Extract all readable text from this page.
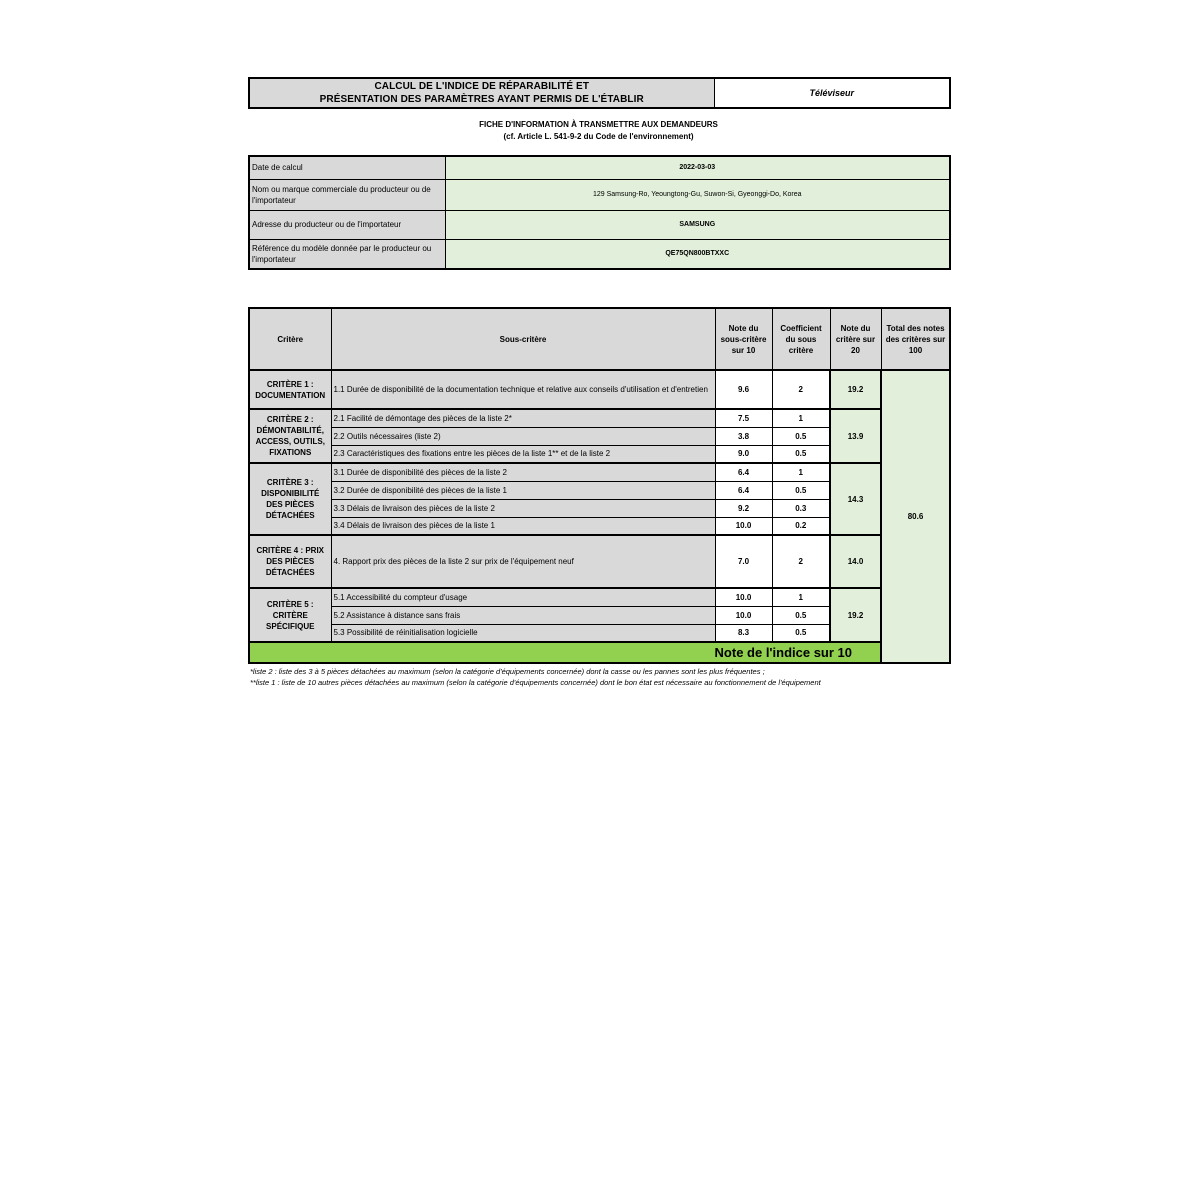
CALCUL DE L'INDICE DE RÉPARABILITÉ ET
PRÉSENTATION DES PARAMÈTRES AYANT PERMIS DE L'ÉTABLIR
	Téléviseur
FICHE D'INFORMATION À TRANSMETTRE AUX DEMANDEURS
(cf. Article L. 541-9-2 du Code de l'environnement)
Date de calcul	2022-03-03
Nom ou marque commerciale du producteur ou de l'importateur	129 Samsung-Ro, Yeoungtong-Gu, Suwon-Si, Gyeonggi-Do, Korea
Adresse du producteur ou de l'importateur	SAMSUNG
Référence du modèle donnée par le producteur ou l'importateur	QE75QN800BTXXC
Critère	Sous-critère	Note du sous-critère sur 10	Coefficient du sous critère	Note du critère sur 20	Total des notes des critères sur 100	
CRITÈRE 1 : DOCUMENTATION	1.1 Durée de disponibilité de la documentation technique et relative aux conseils d'utilisation et d'entretien	9.6	2	19.2	80.6	
CRITÈRE 2 : DÉMONTABILITÉ, ACCESS, OUTILS, FIXATIONS	2.1 Facilité de démontage des pièces de la liste 2*	7.5	1	13.9		
	2.2 Outils nécessaires (liste 2)	3.8	0.5			
	2.3 Caractéristiques des fixations entre les pièces de la liste 1** et de la liste 2	9.0	0.5			
CRITÈRE 3 : DISPONIBILITÉ DES PIÈCES DÉTACHÉES	3.1 Durée de disponibilité des pièces de la liste 2	6.4	1	14.3		
	3.2 Durée de disponibilité des pièces de la liste 1	6.4	0.5			
	3.3 Délais de livraison des pièces de la liste 2	9.2	0.3			
	3.4 Délais de livraison des pièces de la liste 1	10.0	0.2			
CRITÈRE 4 : PRIX DES PIÈCES DÉTACHÉES	4. Rapport prix des pièces de la liste 2 sur prix de l'équipement neuf	7.0	2	14.0		
CRITÈRE 5 : CRITÈRE SPÉCIFIQUE	5.1 Accessibilité du compteur d'usage	10.0	1	19.2		
	5.2 Assistance à distance sans frais	10.0	0.5			
	5.3 Possibilité de réinitialisation logicielle	8.3	0.5			
Note de l'indice sur 10	
*liste 2 : liste des 3 à 5 pièces détachées au maximum (selon la catégorie d'équipements concernée) dont la casse ou les pannes sont les plus fréquentes ;
**liste 1 : liste de 10 autres pièces détachées au maximum (selon la catégorie d'équipements concernée) dont le bon état est nécessaire au fonctionnement de l'équipement
